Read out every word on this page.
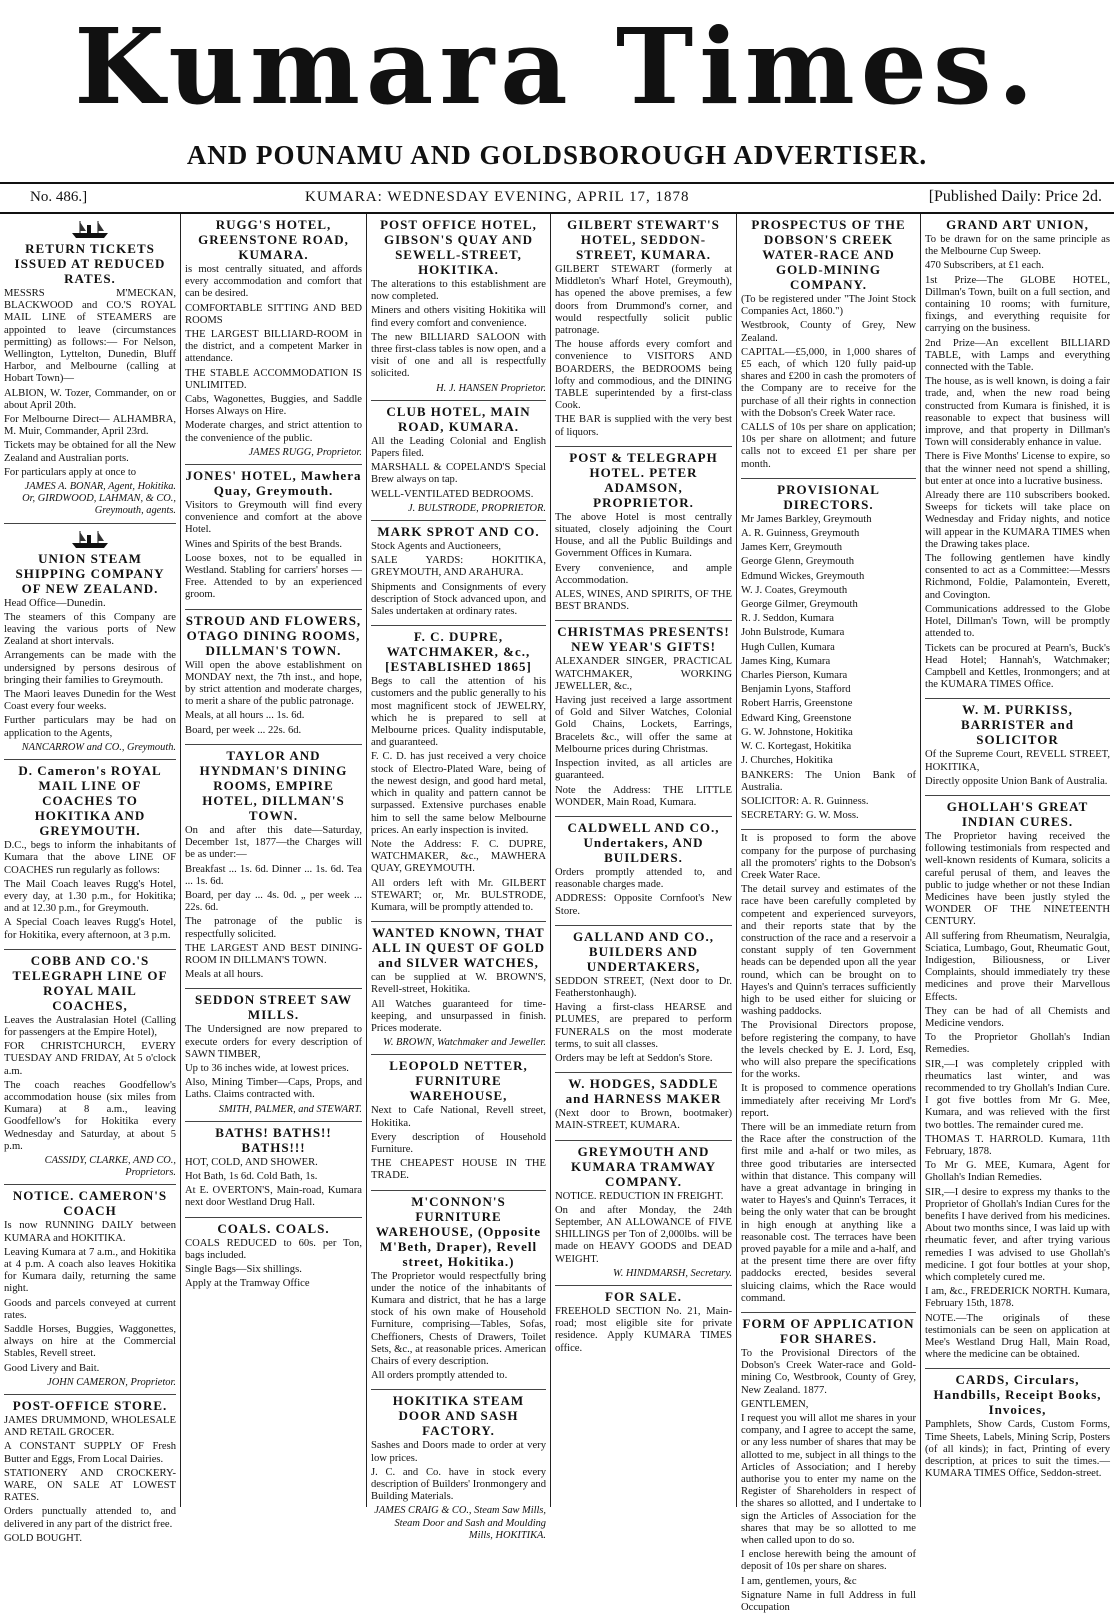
Kumara Times.
AND POUNAMU AND GOLDSBOROUGH ADVERTISER.
No. 486.]	KUMARA: WEDNESDAY EVENING, APRIL 17, 1878	[Published Daily: Price 2d.
RETURN TICKETS ISSUED AT REDUCED RATES.

MESSRS M'MECKAN, BLACKWOOD and CO.'S ROYAL MAIL LINE of STEAMERS are appointed to leave (circumstances permitting) as follows:— For Nelson, Wellington, Lyttelton, Dunedin, Bluff Harbor, and Melbourne (calling at Hobart Town)—

ALBION, W. Tozer, Commander, on or about April 20th.

For Melbourne Direct— ALHAMBRA, M. Muir, Commander, April 23rd.

Tickets may be obtained for all the New Zealand and Australian ports.

For particulars apply at once to

JAMES A. BONAR, Agent, Hokitika.
Or, GIRDWOOD, LAHMAN, & CO., Greymouth, agents.
UNION STEAM SHIPPING COMPANY OF NEW ZEALAND.

Head Office—Dunedin.

The steamers of this Company are leaving the various ports of New Zealand at short intervals.

Arrangements can be made with the undersigned by persons desirous of bringing their families to Greymouth.

The Maori leaves Dunedin for the West Coast every four weeks.

Further particulars may be had on application to the Agents,

NANCARROW and CO., Greymouth.
D. Cameron's ROYAL MAIL LINE OF COACHES TO HOKITIKA AND GREYMOUTH.

D.C., begs to inform the inhabitants of Kumara that the above LINE OF COACHES run regularly as follows:

The Mail Coach leaves Rugg's Hotel, every day, at 1.30 p.m., for Hokitika; and at 12.30 p.m., for Greymouth.

A Special Coach leaves Rugg's Hotel, for Hokitika, every afternoon, at 3 p.m.

COBB AND CO.'S TELEGRAPH LINE OF ROYAL MAIL COACHES,

Leaves the Australasian Hotel (Calling for passengers at the Empire Hotel),

FOR CHRISTCHURCH, EVERY TUESDAY AND FRIDAY, At 5 o'clock a.m.

The coach reaches Goodfellow's accommodation house (six miles from Kumara) at 8 a.m., leaving Goodfellow's for Hokitika every Wednesday and Saturday, at about 5 p.m.

CASSIDY, CLARKE, AND CO., Proprietors.
NOTICE. CAMERON'S COACH

Is now RUNNING DAILY between KUMARA and HOKITIKA.

Leaving Kumara at 7 a.m., and Hokitika at 4 p.m. A coach also leaves Hokitika for Kumara daily, returning the same night.

Goods and parcels conveyed at current rates.

Saddle Horses, Buggies, Waggonettes, always on hire at the Commercial Stables, Revell street.

Good Livery and Bait.

JOHN CAMERON, Proprietor.
POST-OFFICE STORE.

JAMES DRUMMOND, WHOLESALE AND RETAIL GROCER.

A CONSTANT SUPPLY OF Fresh Butter and Eggs, From Local Dairies.

STATIONERY AND CROCKERY-WARE, ON SALE AT LOWEST RATES.

Orders punctually attended to, and delivered in any part of the district free.

GOLD BOUGHT.

RUGG'S HOTEL, GREENSTONE ROAD, KUMARA.

is most centrally situated, and affords every accommodation and comfort that can be desired.

COMFORTABLE SITTING AND BED ROOMS

THE LARGEST BILLIARD-ROOM in the district, and a competent Marker in attendance.

THE STABLE ACCOMMODATION IS UNLIMITED.

Cabs, Wagonettes, Buggies, and Saddle Horses Always on Hire.

Moderate charges, and strict attention to the convenience of the public.

JAMES RUGG, Proprietor.
JONES' HOTEL, Mawhera Quay, Greymouth.

Visitors to Greymouth will find every convenience and comfort at the above Hotel.

Wines and Spirits of the best Brands.

Loose boxes, not to be equalled in Westland. Stabling for carriers' horses —Free. Attended to by an experienced groom.

STROUD AND FLOWERS, OTAGO DINING ROOMS, DILLMAN'S TOWN.

Will open the above establishment on MONDAY next, the 7th inst., and hope, by strict attention and moderate charges, to merit a share of the public patronage.

Meals, at all hours ... 1s. 6d.

Board, per week ... 22s. 6d.

TAYLOR AND HYNDMAN'S DINING ROOMS, EMPIRE HOTEL, DILLMAN'S TOWN.

On and after this date—Saturday, December 1st, 1877—the Charges will be as under:—

Breakfast ... 1s. 6d. Dinner ... 1s. 6d. Tea ... 1s. 6d.

Board, per day ... 4s. 0d. „ per week ... 22s. 6d.

The patronage of the public is respectfully solicited.

THE LARGEST AND BEST DINING-ROOM IN DILLMAN'S TOWN.

Meals at all hours.

SEDDON STREET SAW MILLS.

The Undersigned are now prepared to execute orders for every description of SAWN TIMBER,

Up to 36 inches wide, at lowest prices.

Also, Mining Timber—Caps, Props, and Laths. Claims contracted with.

SMITH, PALMER, and STEWART.
BATHS! BATHS!! BATHS!!!

HOT, COLD, AND SHOWER.

Hot Bath, 1s 6d. Cold Bath, 1s.

At E. OVERTON'S, Main-road, Kumara next door Westland Drug Hall.

COALS. COALS.

COALS REDUCED to 60s. per Ton, bags included.

Single Bags—Six shillings.

Apply at the Tramway Office

POST OFFICE HOTEL, GIBSON'S QUAY AND SEWELL-STREET, HOKITIKA.

The alterations to this establishment are now completed.

Miners and others visiting Hokitika will find every comfort and convenience.

The new BILLIARD SALOON with three first-class tables is now open, and a visit of one and all is respectfully solicited.

H. J. HANSEN Proprietor.
CLUB HOTEL, MAIN ROAD, KUMARA.

All the Leading Colonial and English Papers filed.

MARSHALL & COPELAND'S Special Brew always on tap.

WELL-VENTILATED BEDROOMS.

J. BULSTRODE, PROPRIETOR.
MARK SPROT AND CO.

Stock Agents and Auctioneers,

SALE YARDS: HOKITIKA, GREYMOUTH, AND ARAHURA.

Shipments and Consignments of every description of Stock advanced upon, and Sales undertaken at ordinary rates.

F. C. DUPRE, WATCHMAKER, &c., [ESTABLISHED 1865]

Begs to call the attention of his customers and the public generally to his most magnificent stock of JEWELRY, which he is prepared to sell at Melbourne prices. Quality indisputable, and guaranteed.

F. C. D. has just received a very choice stock of Electro-Plated Ware, being of the newest design, and good hard metal, which in quality and pattern cannot be surpassed. Extensive purchases enable him to sell the same below Melbourne prices. An early inspection is invited.

Note the Address: F. C. DUPRE, WATCHMAKER, &c., MAWHERA QUAY, GREYMOUTH.

All orders left with Mr. GILBERT STEWART; or, Mr. BULSTRODE, Kumara, will be promptly attended to.

WANTED KNOWN, THAT ALL IN QUEST OF GOLD and SILVER WATCHES,

can be supplied at W. BROWN'S, Revell-street, Hokitika.

All Watches guaranteed for time-keeping, and unsurpassed in finish. Prices moderate.

W. BROWN, Watchmaker and Jeweller.
LEOPOLD NETTER, FURNITURE WAREHOUSE,

Next to Cafe National, Revell street, Hokitika.

Every description of Household Furniture.

THE CHEAPEST HOUSE IN THE TRADE.

M'CONNON'S FURNITURE WAREHOUSE, (Opposite M'Beth, Draper), Revell street, Hokitika.)

The Proprietor would respectfully bring under the notice of the inhabitants of Kumara and district, that he has a large stock of his own make of Household Furniture, comprising—Tables, Sofas, Cheffioners, Chests of Drawers, Toilet Sets, &c., at reasonable prices. American Chairs of every description.

All orders promptly attended to.

HOKITIKA STEAM DOOR AND SASH FACTORY.

Sashes and Doors made to order at very low prices.

J. C. and Co. have in stock every description of Builders' Ironmongery and Building Materials.

JAMES CRAIG & CO., Steam Saw Mills, Steam Door and Sash and Moulding Mills, HOKITIKA.
GILBERT STEWART'S HOTEL, SEDDON-STREET, KUMARA.

GILBERT STEWART (formerly at Middleton's Wharf Hotel, Greymouth), has opened the above premises, a few doors from Drummond's corner, and would respectfully solicit public patronage.

The house affords every comfort and convenience to VISITORS AND BOARDERS, the BEDROOMS being lofty and commodious, and the DINING TABLE superintended by a first-class Cook.

THE BAR is supplied with the very best of liquors.

POST & TELEGRAPH HOTEL. PETER ADAMSON, PROPRIETOR.

The above Hotel is most centrally situated, closely adjoining the Court House, and all the Public Buildings and Government Offices in Kumara.

Every convenience, and ample Accommodation.

ALES, WINES, AND SPIRITS, OF THE BEST BRANDS.

CHRISTMAS PRESENTS! NEW YEAR'S GIFTS!

ALEXANDER SINGER, PRACTICAL WATCHMAKER, WORKING JEWELLER, &c.,

Having just received a large assortment of Gold and Silver Watches, Colonial Gold Chains, Lockets, Earrings, Bracelets &c., will offer the same at Melbourne prices during Christmas.

Inspection invited, as all articles are guaranteed.

Note the Address: THE LITTLE WONDER, Main Road, Kumara.

CALDWELL AND CO., Undertakers, AND BUILDERS.

Orders promptly attended to, and reasonable charges made.

ADDRESS: Opposite Cornfoot's New Store.

GALLAND AND CO., BUILDERS AND UNDERTAKERS,

SEDDON STREET, (Next door to Dr. Featherstonhaugh).

Having a first-class HEARSE and PLUMES, are prepared to perform FUNERALS on the most moderate terms, to suit all classes.

Orders may be left at Seddon's Store.

W. HODGES, SADDLE and HARNESS MAKER

(Next door to Brown, bootmaker) MAIN-STREET, KUMARA.

GREYMOUTH AND KUMARA TRAMWAY COMPANY.

NOTICE. REDUCTION IN FREIGHT.

On and after Monday, the 24th September, AN ALLOWANCE of FIVE SHILLINGS per Ton of 2,000lbs. will be made on HEAVY GOODS and DEAD WEIGHT.

W. HINDMARSH, Secretary.
FOR SALE.

FREEHOLD SECTION No. 21, Main-road; most eligible site for private residence. Apply KUMARA TIMES office.

PROSPECTUS OF THE DOBSON'S CREEK WATER-RACE AND GOLD-MINING COMPANY.

(To be registered under "The Joint Stock Companies Act, 1860.")

Westbrook, County of Grey, New Zealand.

CAPITAL—£5,000, in 1,000 shares of £5 each, of which 120 fully paid-up shares and £200 in cash the promoters of the Company are to receive for the purchase of all their rights in connection with the Dobson's Creek Water race.

CALLS of 10s per share on application; 10s per share on allotment; and future calls not to exceed £1 per share per month.

PROVISIONAL DIRECTORS.

Mr James Barkley, Greymouth

A. R. Guinness, Greymouth

James Kerr, Greymouth

George Glenn, Greymouth

Edmund Wickes, Greymouth

W. J. Coates, Greymouth

George Gilmer, Greymouth

R. J. Seddon, Kumara

John Bulstrode, Kumara

Hugh Cullen, Kumara

James King, Kumara

Charles Pierson, Kumara

Benjamin Lyons, Stafford

Robert Harris, Greenstone

Edward King, Greenstone

G. W. Johnstone, Hokitika

W. C. Kortegast, Hokitika

J. Churches, Hokitika

BANKERS: The Union Bank of Australia.

SOLICITOR: A. R. Guinness.

SECRETARY: G. W. Moss.

It is proposed to form the above company for the purpose of purchasing all the promoters' rights to the Dobson's Creek Water Race.

The detail survey and estimates of the race have been carefully completed by competent and experienced surveyors, and their reports state that by the construction of the race and a reservoir a constant supply of ten Government heads can be depended upon all the year round, which can be brought on to Hayes's and Quinn's terraces sufficiently high to be used either for sluicing or washing paddocks.

The Provisional Directors propose, before registering the company, to have the levels checked by E. J. Lord, Esq, who will also prepare the specifications for the works.

It is proposed to commence operations immediately after receiving Mr Lord's report.

There will be an immediate return from the Race after the construction of the first mile and a-half or two miles, as three good tributaries are intersected within that distance. This company will have a great advantage in bringing in water to Hayes's and Quinn's Terraces, it being the only water that can be brought in high enough at anything like a reasonable cost. The terraces have been proved payable for a mile and a-half, and at the present time there are over fifty paddocks erected, besides several sluicing claims, which the Race would command.

FORM OF APPLICATION FOR SHARES.

To the Provisional Directors of the Dobson's Creek Water-race and Gold-mining Co, Westbrook, County of Grey, New Zealand. 1877.

GENTLEMEN,

I request you will allot me shares in your company, and I agree to accept the same, or any less number of shares that may be allotted to me, subject in all things to the Articles of Association; and I hereby authorise you to enter my name on the Register of Shareholders in respect of the shares so allotted, and I undertake to sign the Articles of Association for the shares that may be so allotted to me when called upon to do so.

I enclose herewith being the amount of deposit of 10s per share on shares.

I am, gentlemen, yours, &c

Signature Name in full Address in full Occupation

GRAND ART UNION,

To be drawn for on the same principle as the Melbourne Cup Sweep.

470 Subscribers, at £1 each.

1st Prize—The GLOBE HOTEL, Dillman's Town, built on a full section, and containing 10 rooms; with furniture, fixings, and everything requisite for carrying on the business.

2nd Prize—An excellent BILLIARD TABLE, with Lamps and everything connected with the Table.

The house, as is well known, is doing a fair trade, and, when the new road being constructed from Kumara is finished, it is reasonable to expect that business will improve, and that property in Dillman's Town will considerably enhance in value.

There is Five Months' License to expire, so that the winner need not spend a shilling, but enter at once into a lucrative business.

Already there are 110 subscribers booked. Sweeps for tickets will take place on Wednesday and Friday nights, and notice will appear in the KUMARA TIMES when the Drawing takes place.

The following gentlemen have kindly consented to act as a Committee:—Messrs Richmond, Foldie, Palamontein, Everett, and Covington.

Communications addressed to the Globe Hotel, Dillman's Town, will be promptly attended to.

Tickets can be procured at Pearn's, Buck's Head Hotel; Hannah's, Watchmaker; Campbell and Kettles, Ironmongers; and at the KUMARA TIMES Office.

W. M. PURKISS, BARRISTER and SOLICITOR

Of the Supreme Court, REVELL STREET, HOKITIKA,

Directly opposite Union Bank of Australia.

GHOLLAH'S GREAT INDIAN CURES.

The Proprietor having received the following testimonials from respected and well-known residents of Kumara, solicits a careful perusal of them, and leaves the public to judge whether or not these Indian Medicines have been justly styled the WONDER OF THE NINETEENTH CENTURY.

All suffering from Rheumatism, Neuralgia, Sciatica, Lumbago, Gout, Rheumatic Gout, Indigestion, Biliousness, or Liver Complaints, should immediately try these medicines and prove their Marvellous Effects.

They can be had of all Chemists and Medicine vendors.

To the Proprietor Ghollah's Indian Remedies.

SIR,—I was completely crippled with rheumatics last winter, and was recommended to try Ghollah's Indian Cure. I got five bottles from Mr G. Mee, Kumara, and was relieved with the first two bottles. The remainder cured me.

THOMAS T. HARROLD. Kumara, 11th February, 1878.

To Mr G. MEE, Kumara, Agent for Ghollah's Indian Remedies.

SIR,—I desire to express my thanks to the Proprietor of Ghollah's Indian Cures for the benefits I have derived from his medicines. About two months since, I was laid up with rheumatic fever, and after trying various remedies I was advised to use Ghollah's medicine. I got four bottles at your shop, which completely cured me.

I am, &c., FREDERICK NORTH. Kumara, February 15th, 1878.

NOTE.—The originals of these testimonials can be seen on application at Mee's Westland Drug Hall, Main Road, where the medicine can be obtained.

CARDS, Circulars, Handbills, Receipt Books, Invoices,

Pamphlets, Show Cards, Custom Forms, Time Sheets, Labels, Mining Scrip, Posters (of all kinds); in fact, Printing of every description, at prices to suit the times.—KUMARA TIMES Office, Seddon-street.
